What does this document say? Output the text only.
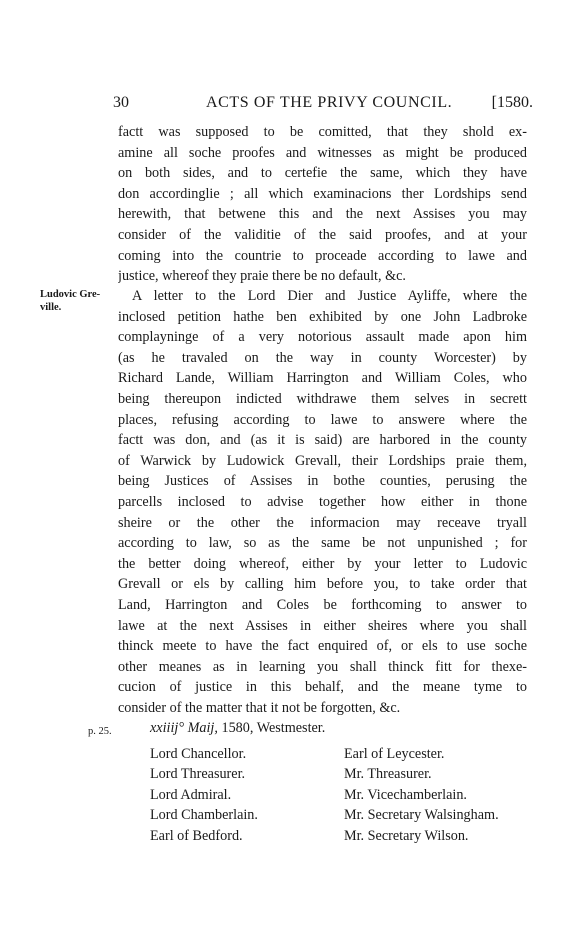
30	ACTS OF THE PRIVY COUNCIL. [1580.
factt was supposed to be comitted, that they shold ex-
amine all soche proofes and witnesses as might be produced
on both sides, and to certefie the same, which they have
don accordinglie ; all which examinacions ther Lordships send
herewith, that betwene this and the next Assises you may
consider of the validitie of the said proofes, and at your
coming into the countrie to proceade according to lawe and
justice, whereof they praie there be no default, &c.
Ludovic Gre-
ville.
A letter to the Lord Dier and Justice Ayliffe, where the
inclosed petition hathe ben exhibited by one John Ladbroke
complayninge of a very notorious assault made apon him
(as he travaled on the way in county Worcester) by
Richard Lande, William Harrington and William Coles, who
being thereupon indicted withdrawe them selves in secrett
places, refusing according to lawe to answere where the
factt was don, and (as it is said) are harbored in the county
of Warwick by Ludowick Grevall, their Lordships praie them,
being Justices of Assises in bothe counties, perusing the
parcells inclosed to advise together how either in thone
sheire or the other the informacion may receave tryall
according to law, so as the same be not unpunished ; for
the better doing whereof, either by your letter to Ludovic
Grevall or els by calling him before you, to take order that
Land, Harrington and Coles be forthcoming to answer to
lawe at the next Assises in either sheires where you shall
thinck meete to have the fact enquired of, or els to use soche
other meanes as in learning you shall thinck fitt for thexe-
cucion of justice in this behalf, and the meane tyme to
consider of the matter that it not be forgotten, &c.
p. 25.	xxiiij° Maij, 1580, Westmester.
Lord Chancellor.
Lord Threasurer.
Lord Admiral.
Lord Chamberlain.
Earl of Bedford.
Earl of Leycester.
Mr. Threasurer.
Mr. Vicechamberlain.
Mr. Secretary Walsingham.
Mr. Secretary Wilson.
